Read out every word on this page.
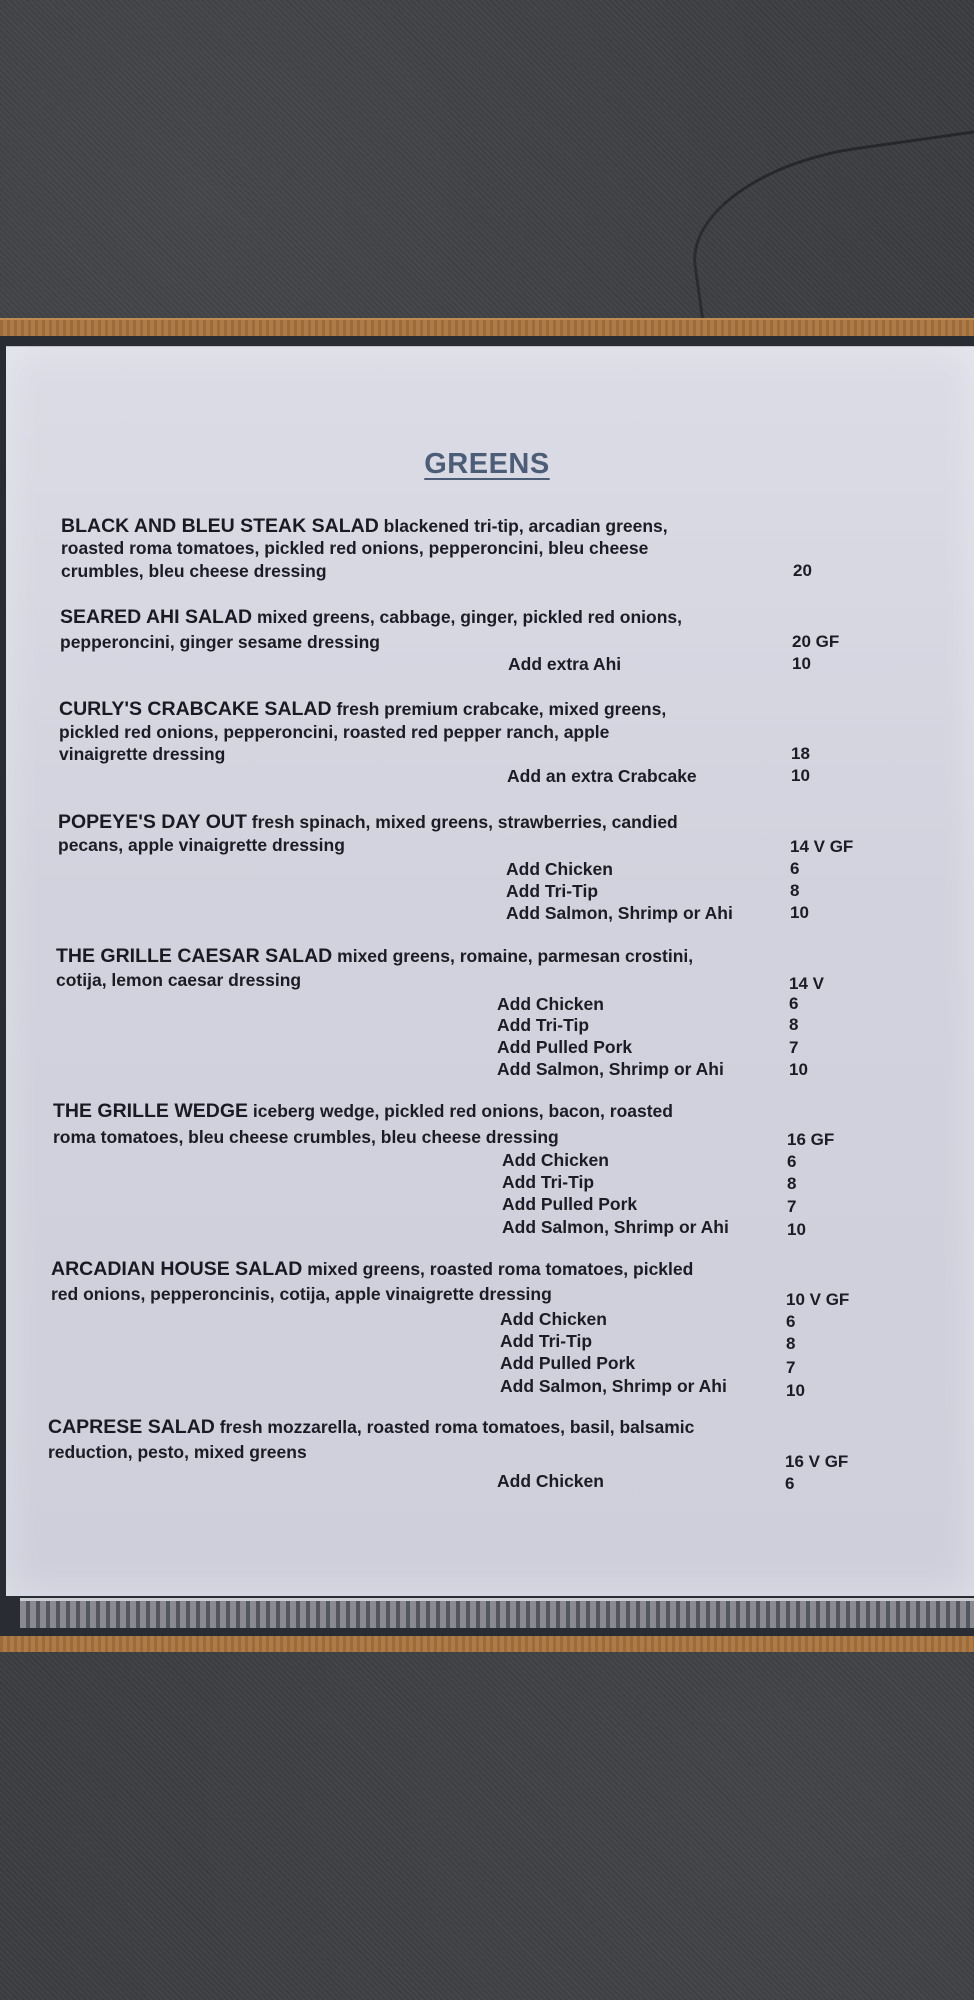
GREENS
BLACK AND BLEU STEAK SALAD blackened tri-tip, arcadian greens,
roasted roma tomatoes, pickled red onions, pepperoncini, bleu cheese
crumbles, bleu cheese dressing	20
SEARED AHI SALAD mixed greens, cabbage, ginger, pickled red onions,
pepperoncini, ginger sesame dressing	20 GF
Add extra Ahi	10
CURLY'S CRABCAKE SALAD fresh premium crabcake, mixed greens,
pickled red onions, pepperoncini, roasted red pepper ranch, apple
vinaigrette dressing	18
Add an extra Crabcake	10
POPEYE'S DAY OUT fresh spinach, mixed greens, strawberries, candied
pecans, apple vinaigrette dressing	14 V GF
Add Chicken	6
Add Tri-Tip	8
Add Salmon, Shrimp or Ahi	10
THE GRILLE CAESAR SALAD mixed greens, romaine, parmesan crostini,
cotija, lemon caesar dressing	14 V
Add Chicken	6
Add Tri-Tip	8
Add Pulled Pork	7
Add Salmon, Shrimp or Ahi	10
THE GRILLE WEDGE iceberg wedge, pickled red onions, bacon, roasted
roma tomatoes, bleu cheese crumbles, bleu cheese dressing	16 GF
Add Chicken	6
Add Tri-Tip	8
Add Pulled Pork	7
Add Salmon, Shrimp or Ahi	10
ARCADIAN HOUSE SALAD mixed greens, roasted roma tomatoes, pickled
red onions, pepperoncinis, cotija, apple vinaigrette dressing	10 V GF
Add Chicken	6
Add Tri-Tip	8
Add Pulled Pork	7
Add Salmon, Shrimp or Ahi	10
CAPRESE SALAD fresh mozzarella, roasted roma tomatoes, basil, balsamic
reduction, pesto, mixed greens	16 V GF
Add Chicken	6
